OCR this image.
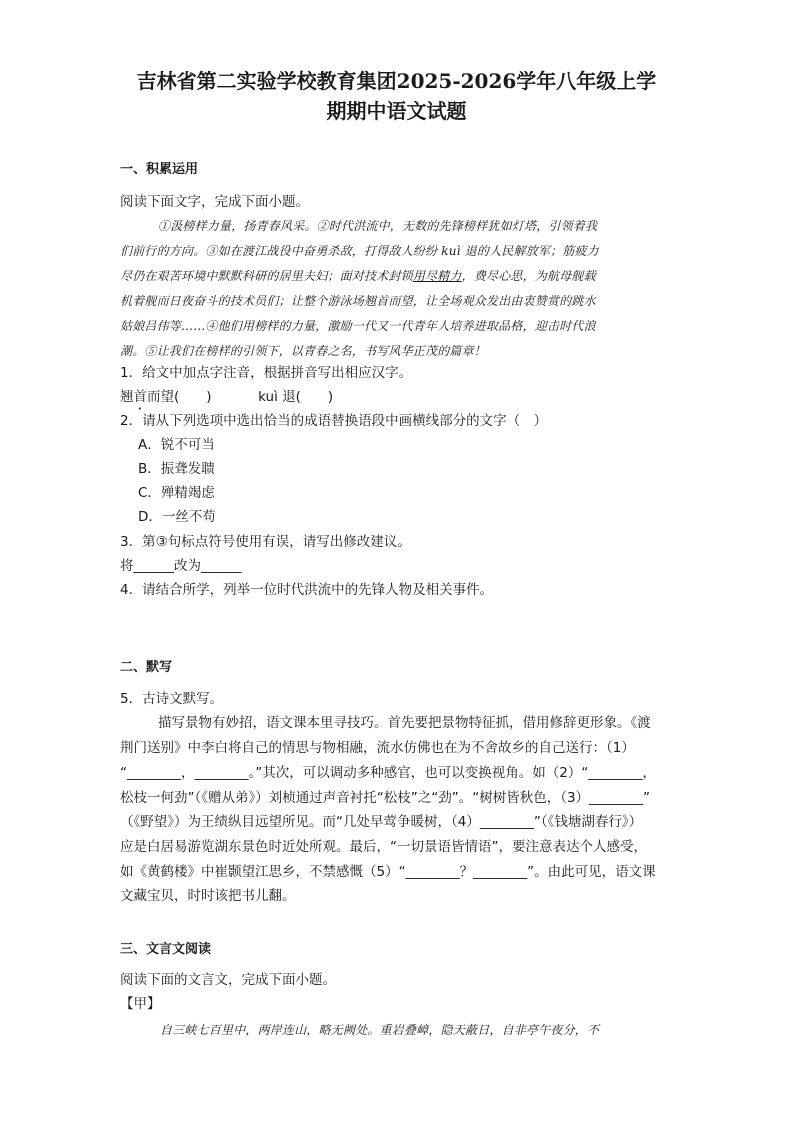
吉林省第二实验学校教育集团2025-2026学年八年级上学
期期中语文试题
一、积累运用
阅读下面文字，完成下面小题。
①汲榜样力量，扬青春风采。②时代洪流中，无数的先锋榜样犹如灯塔，引领着我
们前行的方向。③如在渡江战役中奋勇杀敌，打得敌人纷纷 kuì 退的人民解放军；筋疲力
尽仍在艰苦环境中默默科研的居里夫妇；面对技术封锁用尽精力，费尽心思，为航母舰载
机着舰而日夜奋斗的技术员们；让整个游泳场翘首而望，让全场观众发出由衷赞赏的跳水
姑娘吕伟等……④他们用榜样的力量，激励一代又一代青年人培养进取品格，迎击时代浪
潮。⑤让我们在榜样的引领下，以青春之名，书写风华正茂的篇章！
1．给文中加点字注音，根据拼音写出相应汉字。
翘首而望(　　)	kuì 退(　　)
2．请从下列选项中选出恰当的成语替换语段中画横线部分的文字（　）
A．锐不可当
B．振聋发聩
C．殚精竭虑
D．一丝不苟
3．第③句标点符号使用有误，请写出修改建议。
将______改为______
4．请结合所学，列举一位时代洪流中的先锋人物及相关事件。
二、默写
5．古诗文默写。
描写景物有妙招，语文课本里寻技巧。首先要把景物特征抓，借用修辞更形象。《渡
荆门送别》中李白将自己的情思与物相融，流水仿佛也在为不舍故乡的自己送行：（1）
“________，________。”其次，可以调动多种感官，也可以变换视角。如（2）“________，
松枝一何劲”（《赠从弟》）刘桢通过声音衬托“松枝”之“劲”。“树树皆秋色，（3）________”
（《野望》）为王绩纵目远望所见。而“几处早莺争暖树，（4）________”（《钱塘湖春行》）
应是白居易游览湖东景色时近处所观。最后，“一切景语皆情语”，要注意表达个人感受，
如《黄鹤楼》中崔颢望江思乡，不禁感慨（5）“________？________”。由此可见，语文课
文藏宝贝，时时该把书儿翻。
三、文言文阅读
阅读下面的文言文，完成下面小题。
【甲】
自三峡七百里中，两岸连山，略无阙处。重岩叠嶂，隐天蔽日，自非亭午夜分，不
